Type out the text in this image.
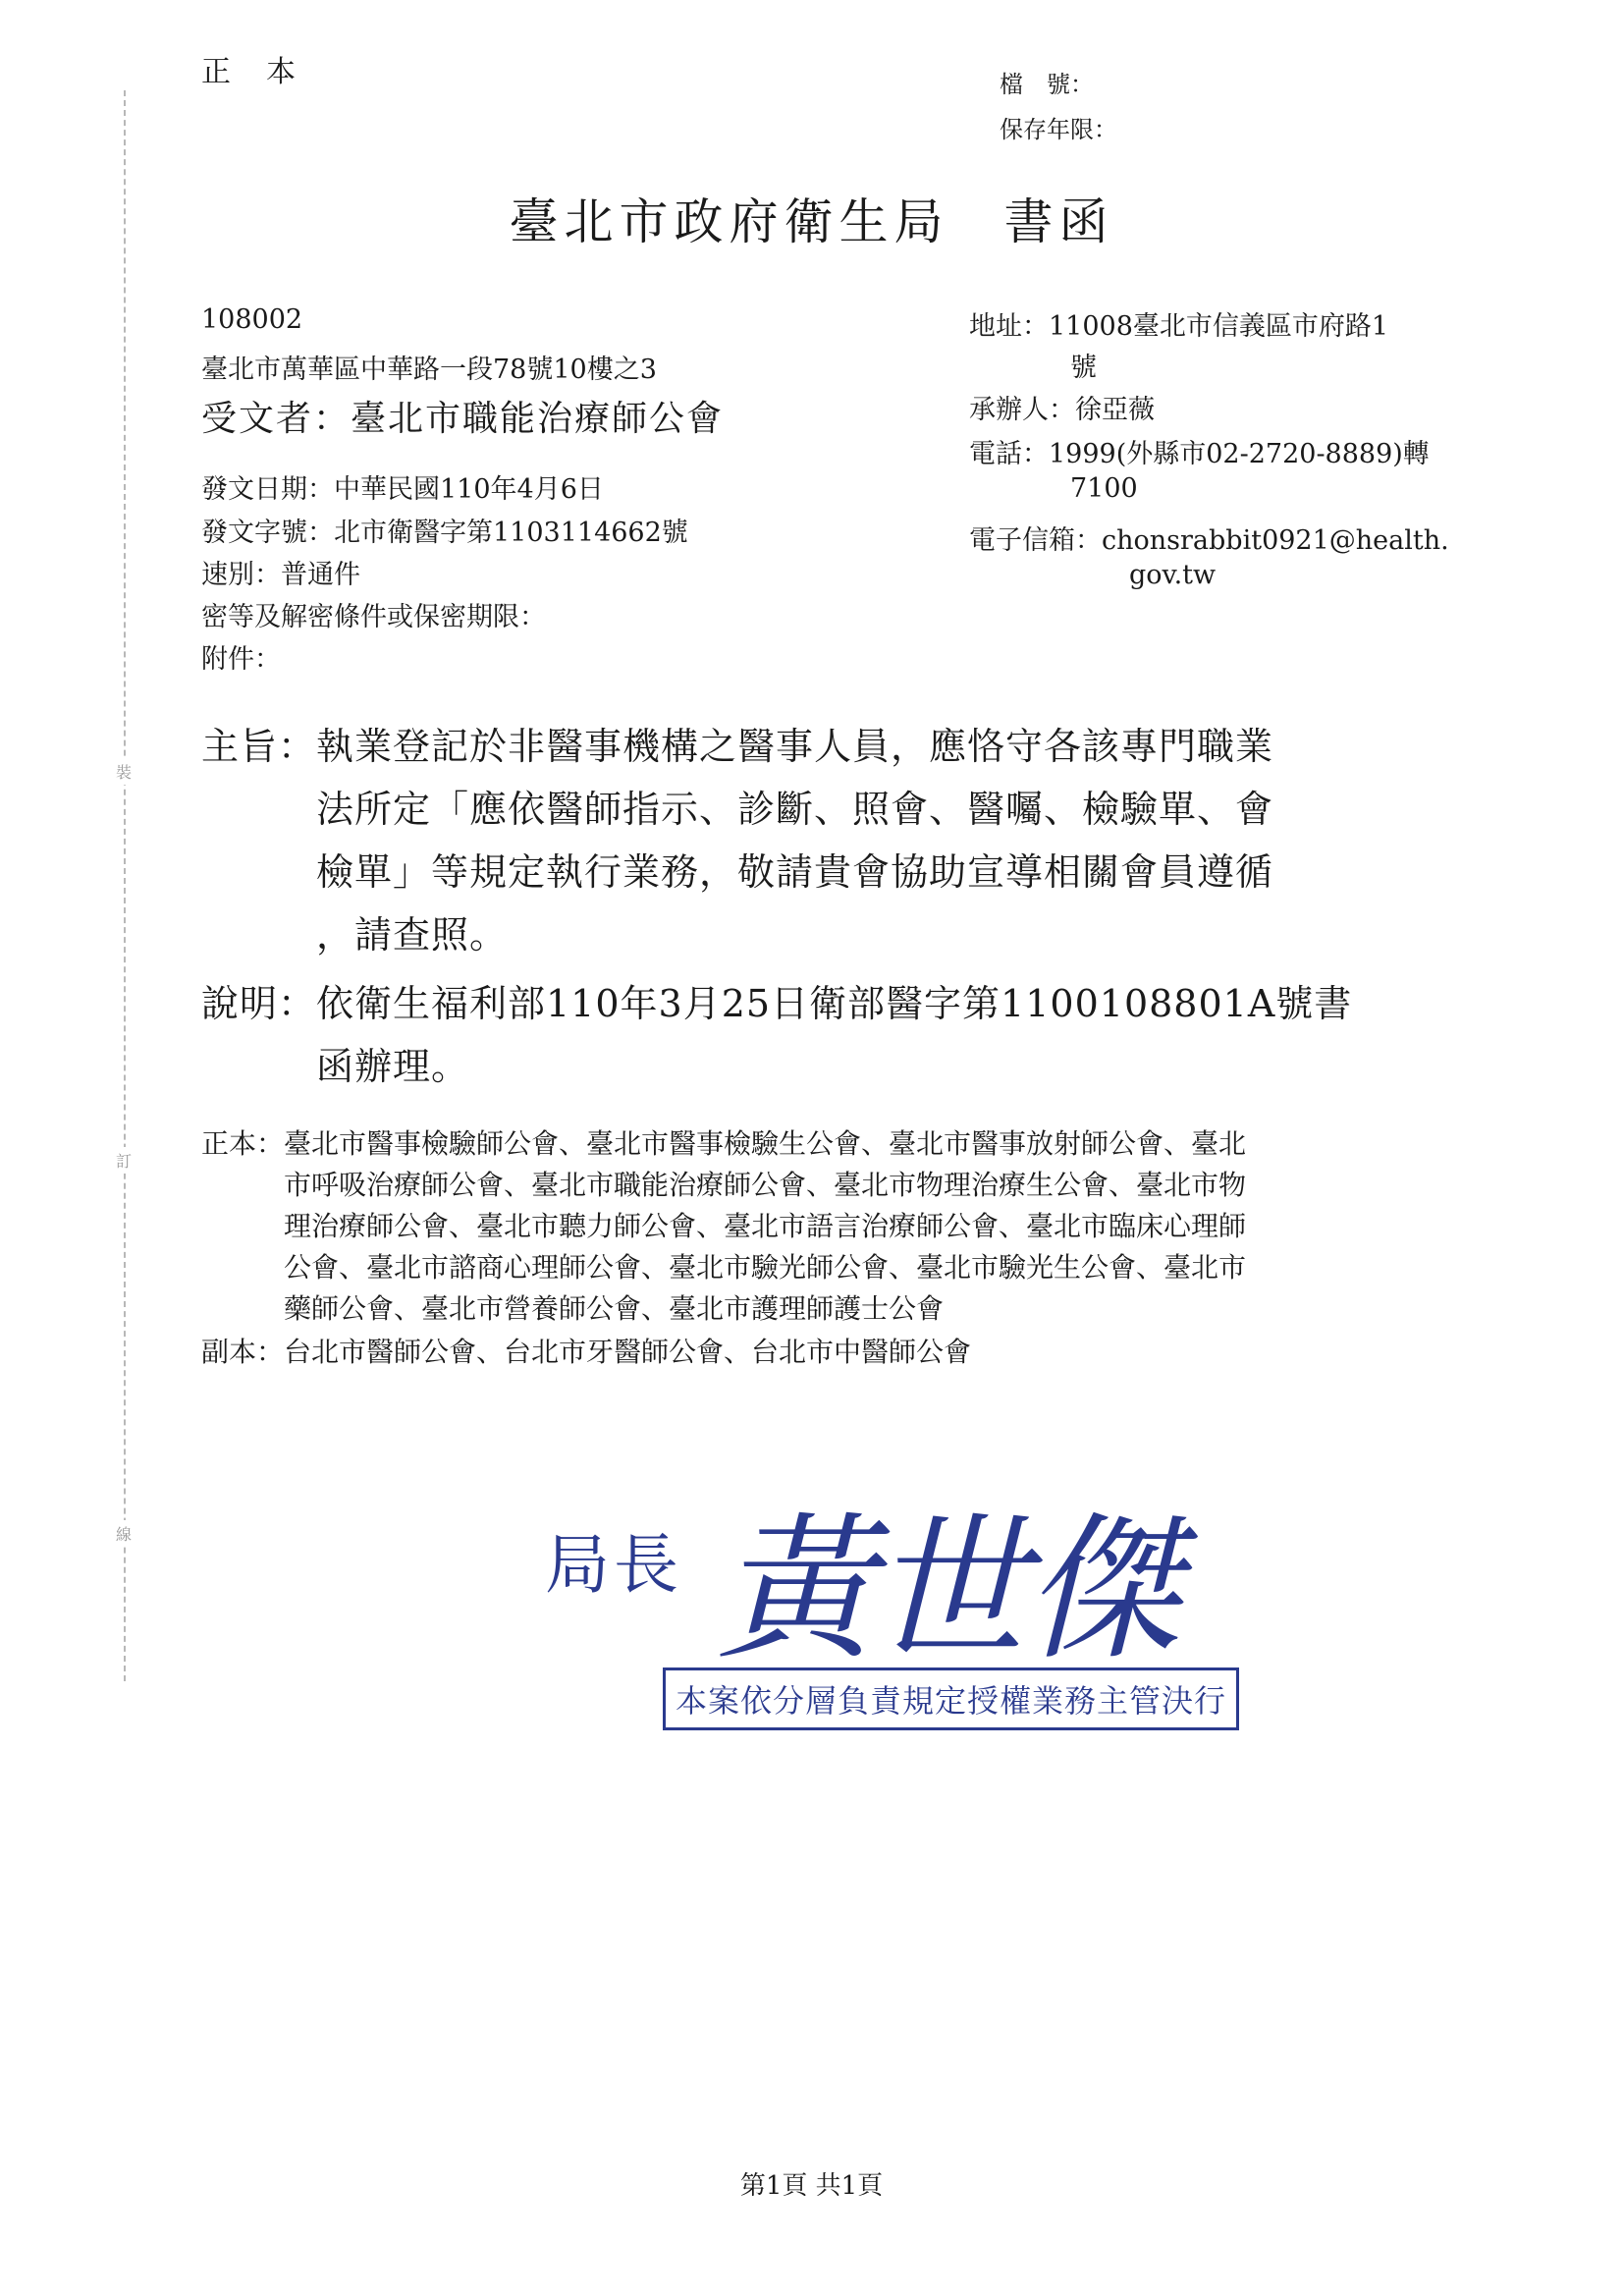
裝
訂
線
正本	檔　號：
保存年限：
臺北市政府衛生局　書函
108002
臺北市萬華區中華路一段78號10樓之3
受文者：臺北市職能治療師公會
發文日期：中華民國110年4月6日
發文字號：北市衛醫字第1103114662號
速別：普通件
密等及解密條件或保密期限：
附件：
地址：11008臺北市信義區市府路1
號
承辦人：徐亞薇
電話：1999(外縣市02-2720-8889)轉
7100
電子信箱：chonsrabbit0921@health.
gov.tw
主旨：執業登記於非醫事機構之醫事人員，應恪守各該專門職業
　　　法所定「應依醫師指示、診斷、照會、醫囑、檢驗單、會
　　　檢單」等規定執行業務，敬請貴會協助宣導相關會員遵循
　　　，請查照。
說明：依衛生福利部110年3月25日衛部醫字第1100108801A號書
　　　函辦理。
正本：臺北市醫事檢驗師公會、臺北市醫事檢驗生公會、臺北市醫事放射師公會、臺北
　　　市呼吸治療師公會、臺北市職能治療師公會、臺北市物理治療生公會、臺北市物
　　　理治療師公會、臺北市聽力師公會、臺北市語言治療師公會、臺北市臨床心理師
　　　公會、臺北市諮商心理師公會、臺北市驗光師公會、臺北市驗光生公會、臺北市
　　　藥師公會、臺北市營養師公會、臺北市護理師護士公會
副本：台北市醫師公會、台北市牙醫師公會、台北市中醫師公會
局長 黃世傑
本案依分層負責規定授權業務主管決行
第1頁 共1頁
